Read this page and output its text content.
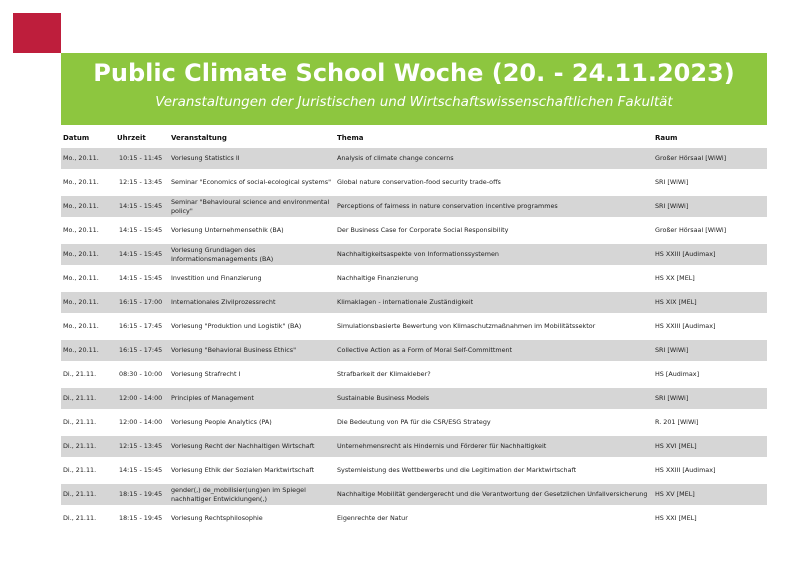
Public Climate School Woche (20. - 24.11.2023)
Veranstaltungen der Juristischen und Wirtschaftswissenschaftlichen Fakultät
Datum	Uhrzeit	Veranstaltung	Thema	Raum
Mo., 20.11.	10:15 - 11:45	Vorlesung Statistics II	Analysis of climate change concerns	Großer Hörsaal [WiWi]
Mo., 20.11.	12:15 - 13:45	Seminar "Economics of social-ecological systems"	Global nature conservation-food security trade-offs	SRI [WiWi]
Mo., 20.11.	14:15 - 15:45	Seminar "Behavioural science and environmental policy"	Perceptions of fairness in nature conservation incentive programmes	SRI [WiWi]
Mo., 20.11.	14:15 - 15:45	Vorlesung Unternehmensethik (BA)	Der Business Case for Corporate Social Responsibility	Großer Hörsaal [WiWi]
Mo., 20.11.	14:15 - 15:45	Vorlesung Grundlagen des Informationsmanagements (BA)	Nachhaltigkeitsaspekte von Informationssystemen	HS XXIII [Audimax]
Mo., 20.11.	14:15 - 15:45	Investition und Finanzierung	Nachhaltige Finanzierung	HS XX [MEL]
Mo., 20.11.	16:15 - 17:00	Internationales Zivilprozessrecht	Klimaklagen - internationale Zuständigkeit	HS XIX [MEL]
Mo., 20.11.	16:15 - 17:45	Vorlesung "Produktion und Logistik" (BA)	Simulationsbasierte Bewertung von Klimaschutzmaßnahmen im Mobilitätssektor	HS XXIII [Audimax]
Mo., 20.11.	16:15 - 17:45	Vorlesung "Behavioral Business Ethics"	Collective Action as a Form of Moral Self-Committment	SRI [WiWi]
Di., 21.11.	08:30 - 10:00	Vorlesung Strafrecht I	Strafbarkeit der Klimakleber?	HS [Audimax]
Di., 21.11.	12:00 - 14:00	Principles of Management	Sustainable Business Models	SRI [WiWi]
Di., 21.11.	12:00 - 14:00	Vorlesung People Analytics (PA)	Die Bedeutung von PA für die CSR/ESG Strategy	R. 201 [WiWi]
Di., 21.11.	12:15 - 13:45	Vorlesung Recht der Nachhaltigen Wirtschaft	Unternehmensrecht als Hindernis und Förderer für Nachhaltigkeit	HS XVI [MEL]
Di., 21.11.	14:15 - 15:45	Vorlesung Ethik der Sozialen Marktwirtschaft	Systemleistung des Wettbewerbs und die Legitimation der Marktwirtschaft	HS XXIII [Audimax]
Di., 21.11.	18:15 - 19:45	gender(,) de_mobilisier(ung)en im Spiegel nachhaltiger Entwicklungen(,)	Nachhaltige Mobilität gendergerecht und die Verantwortung der Gesetzlichen Unfallversicherung	HS XV [MEL]
Di., 21.11.	18:15 - 19:45	Vorlesung Rechtsphilosophie	Eigenrechte der Natur	HS XXI [MEL]
